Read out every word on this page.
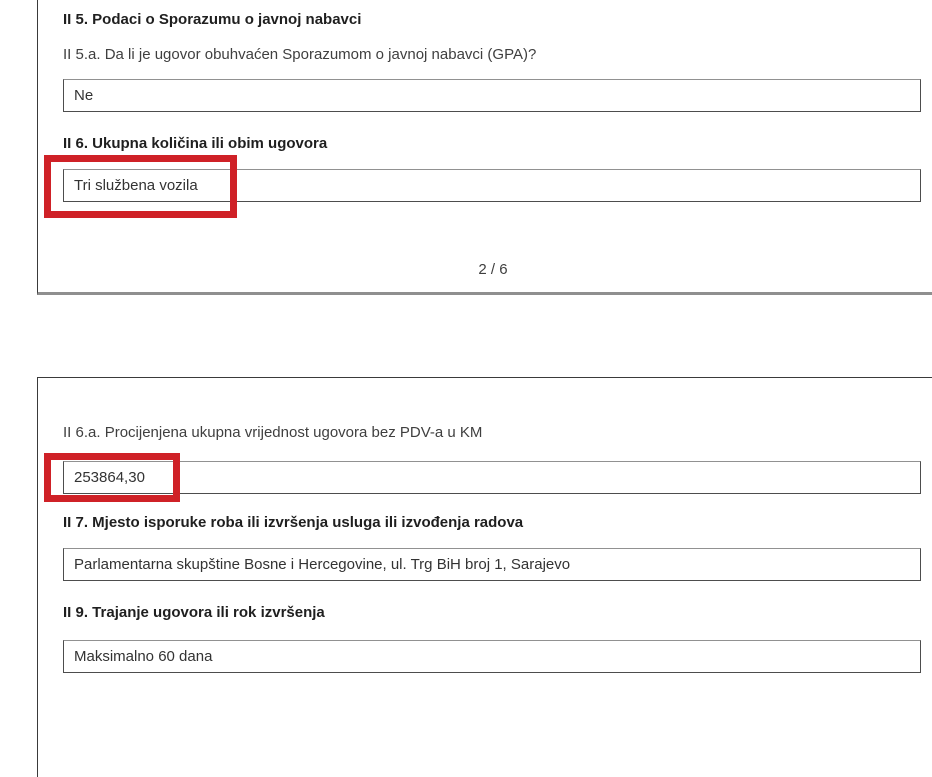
II 5. Podaci o Sporazumu o javnoj nabavci
II 5.a. Da li je ugovor obuhvaćen Sporazumom o javnoj nabavci (GPA)?
Ne
II 6. Ukupna količina ili obim ugovora
Tri službena vozila
2 / 6
II 6.a. Procijenjena ukupna vrijednost ugovora bez PDV-a u KM
253864,30
II 7. Mjesto isporuke roba ili izvršenja usluga ili izvođenja radova
Parlamentarna skupštine Bosne i Hercegovine, ul. Trg BiH broj 1, Sarajevo
II 9. Trajanje ugovora ili rok izvršenja
Maksimalno 60 dana
